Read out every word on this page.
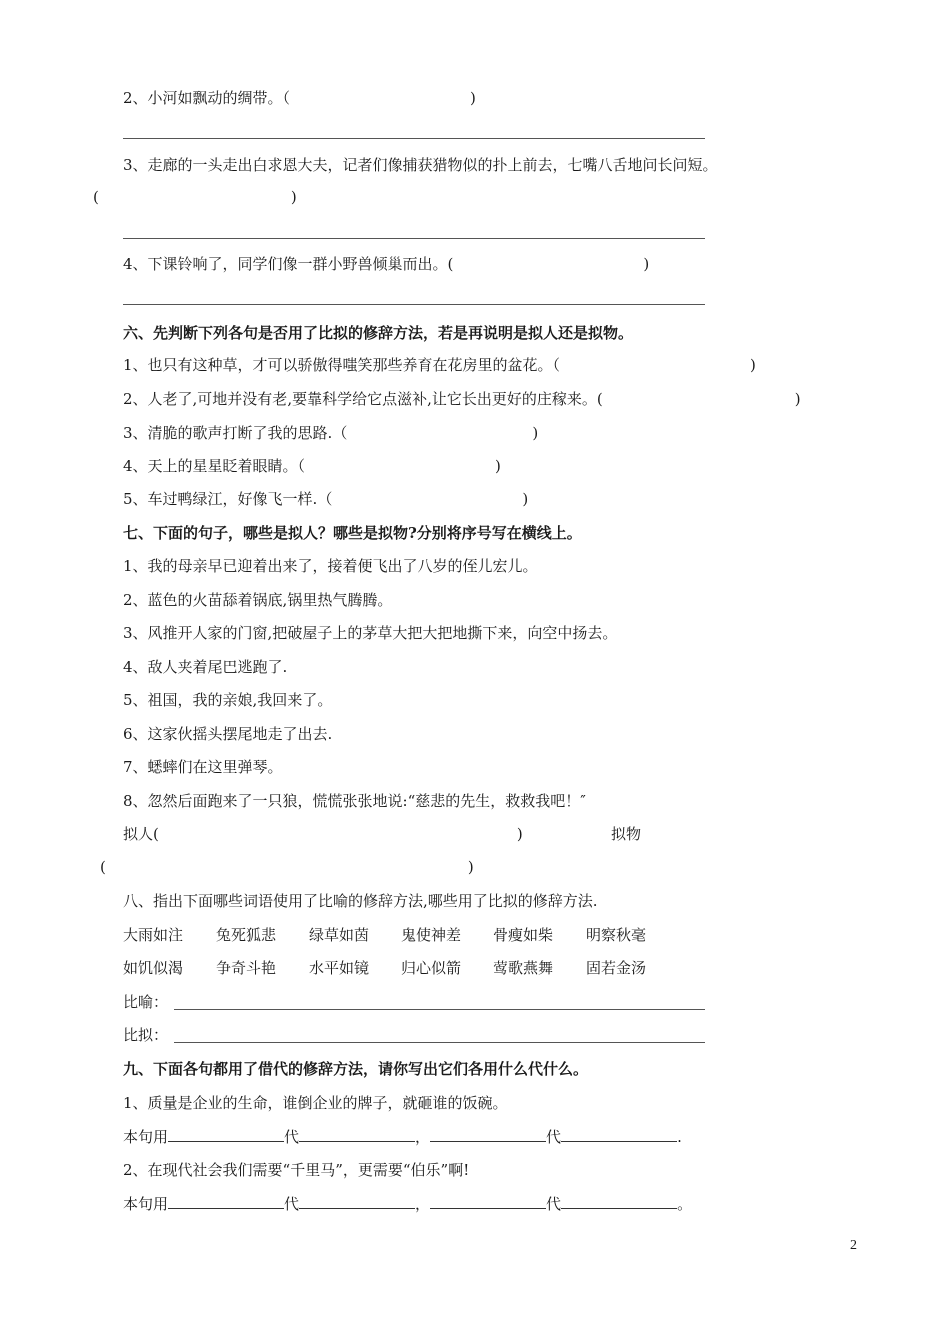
2、小河如飘动的绸带。（	)
3、走廊的一头走出白求恩大夫，记者们像捕获猎物似的扑上前去，七嘴八舌地问长问短。
(	)
4、下课铃响了，同学们像一群小野兽倾巢而出。(	)
六、先判断下列各句是否用了比拟的修辞方法，若是再说明是拟人还是拟物。
1、也只有这种草，才可以骄傲得嗤笑那些养育在花房里的盆花。（	)
2、人老了,可地并没有老,要靠科学给它点滋补,让它长出更好的庄稼来。(	)
3、清脆的歌声打断了我的思路.（	)
4、天上的星星眨着眼睛。（	)
5、车过鸭绿江，好像飞一样.（	)
七、下面的句子，哪些是拟人？哪些是拟物?分别将序号写在横线上。
1、我的母亲早已迎着出来了，接着便飞出了八岁的侄儿宏儿。
2、蓝色的火苗舔着锅底,锅里热气腾腾。
3、风推开人家的门窗,把破屋子上的茅草大把大把地撕下来，向空中扬去。
4、敌人夹着尾巴逃跑了.
5、祖国，我的亲娘,我回来了。
6、这家伙摇头摆尾地走了出去.
7、蟋蟀们在这里弹琴。
8、忽然后面跑来了一只狼，慌慌张张地说:“慈悲的先生，救救我吧！″
拟人(	)	拟物
(	)
八、指出下面哪些词语使用了比喻的修辞方法,哪些用了比拟的修辞方法.
大雨如注 兔死狐悲 绿草如茵 鬼使神差 骨瘦如柴 明察秋毫
如饥似渴 争奇斗艳 水平如镜 归心似箭 莺歌燕舞 固若金汤
比喻：
比拟：
九、下面各句都用了借代的修辞方法，请你写出它们各用什么代什么。
1、质量是企业的生命，谁倒企业的牌子，就砸谁的饭碗。
本句用	代	，	代	.
2、在现代社会我们需要“千里马”，更需要“伯乐”啊!
本句用	代	，	代	。
2
